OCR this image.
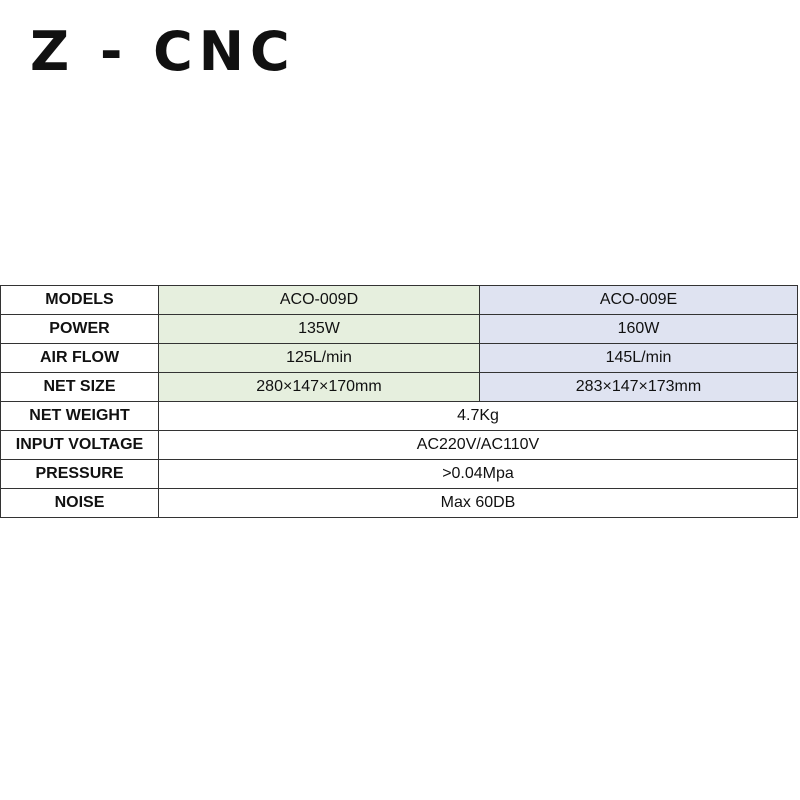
Z - CNC
MODELS	ACO-009D	ACO-009E
POWER	135W	160W
AIR FLOW	125L/min	145L/min
NET SIZE	280×147×170mm	283×147×173mm
NET WEIGHT	4.7Kg	
INPUT VOLTAGE	AC220V/AC110V	
PRESSURE	>0.04Mpa	
NOISE	Max 60DB	
